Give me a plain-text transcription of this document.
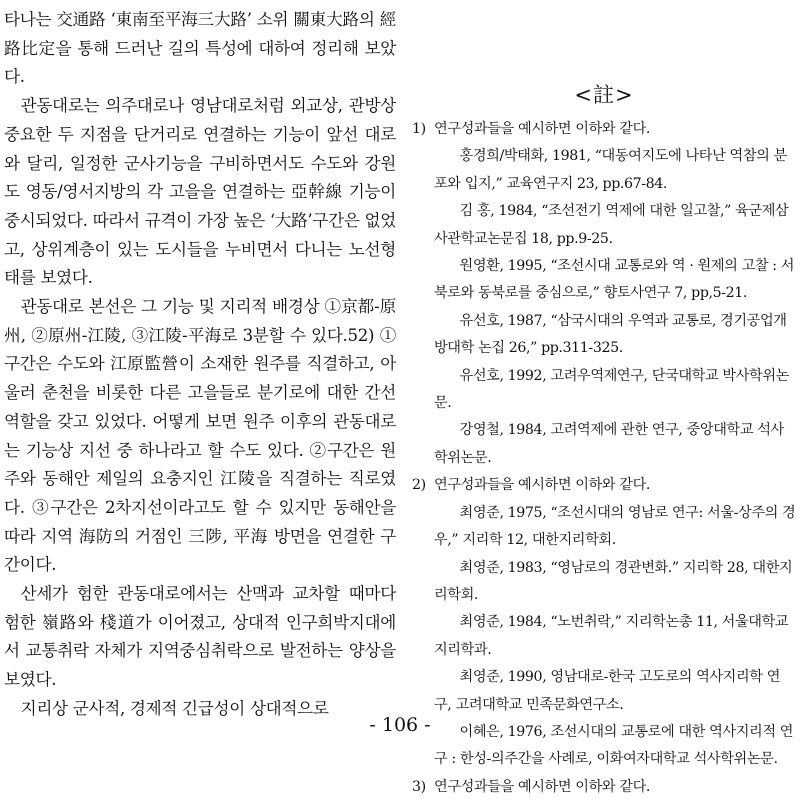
타나는 交通路 ‘東南至平海三大路’ 소위 關東大路의 經路比定을 통해 드러난 길의 특성에 대하여 정리해 보았다.

관동대로는 의주대로나 영남대로처럼 외교상, 관방상 중요한 두 지점을 단거리로 연결하는 기능이 앞선 대로와 달리, 일정한 군사기능을 구비하면서도 수도와 강원도 영동/영서지방의 각 고을을 연결하는 亞幹線 기능이 중시되었다. 따라서 규격이 가장 높은 ‘大路’구간은 없었고, 상위계층이 있는 도시들을 누비면서 다니는 노선형태를 보였다.

관동대로 본선은 그 기능 및 지리적 배경상 ①京都-原州, ②原州-江陵, ③江陵-平海로 3분할 수 있다.52) ①구간은 수도와 江原監營이 소재한 원주를 직결하고, 아울러 춘천을 비롯한 다른 고을들로 분기로에 대한 간선 역할을 갖고 있었다. 어떻게 보면 원주 이후의 관동대로는 기능상 지선 중 하나라고 할 수도 있다. ②구간은 원주와 동해안 제일의 요충지인 江陵을 직결하는 직로였다. ③구간은 2차지선이라고도 할 수 있지만 동해안을 따라 지역 海防의 거점인 三陟, 平海 방면을 연결한 구간이다.

산세가 험한 관동대로에서는 산맥과 교차할 때마다 험한 嶺路와 棧道가 이어졌고, 상대적 인구희박지대에서 교통취락 자체가 지역중심취락으로 발전하는 양상을 보였다.

지리상 군사적, 경제적 긴급성이 상대적으로

<註>
1) 연구성과들을 예시하면 이하와 같다.

홍경희/박태화, 1981, “대동여지도에 나타난 역참의 분포와 입지,” 교육연구지 23, pp.67-84.

김 홍, 1984, “조선전기 역제에 대한 일고찰,” 육군제삼사관학교논문집 18, pp.9-25.

원영환, 1995, “조선시대 교통로와 역 · 원제의 고찰 : 서북로와 동북로를 중심으로,” 향토사연구 7, pp,5-21.

유선호, 1987, “삼국시대의 우역과 교통로, 경기공업개방대학 논집 26,” pp.311-325.

유선호, 1992, 고려우역제연구, 단국대학교 박사학위논문.

강영철, 1984, 고려역제에 관한 연구, 중앙대학교 석사학위논문.

2) 연구성과들을 예시하면 이하와 같다.

최영준, 1975, “조선시대의 영남로 연구: 서울-상주의 경우,” 지리학 12, 대한지리학회.

최영준, 1983, “영남로의 경관변화.” 지리학 28, 대한지리학회.

최영준, 1984, “노번취락,” 지리학논총 11, 서울대학교 지리학과.

최영준, 1990, 영남대로-한국 고도로의 역사지리학 연구, 고려대학교 민족문화연구소.

이혜은, 1976, 조선시대의 교통로에 대한 역사지리적 연구 : 한성-의주간을 사례로, 이화여자대학교 석사학위논문.

3) 연구성과들을 예시하면 이하와 같다.
- 106 -
